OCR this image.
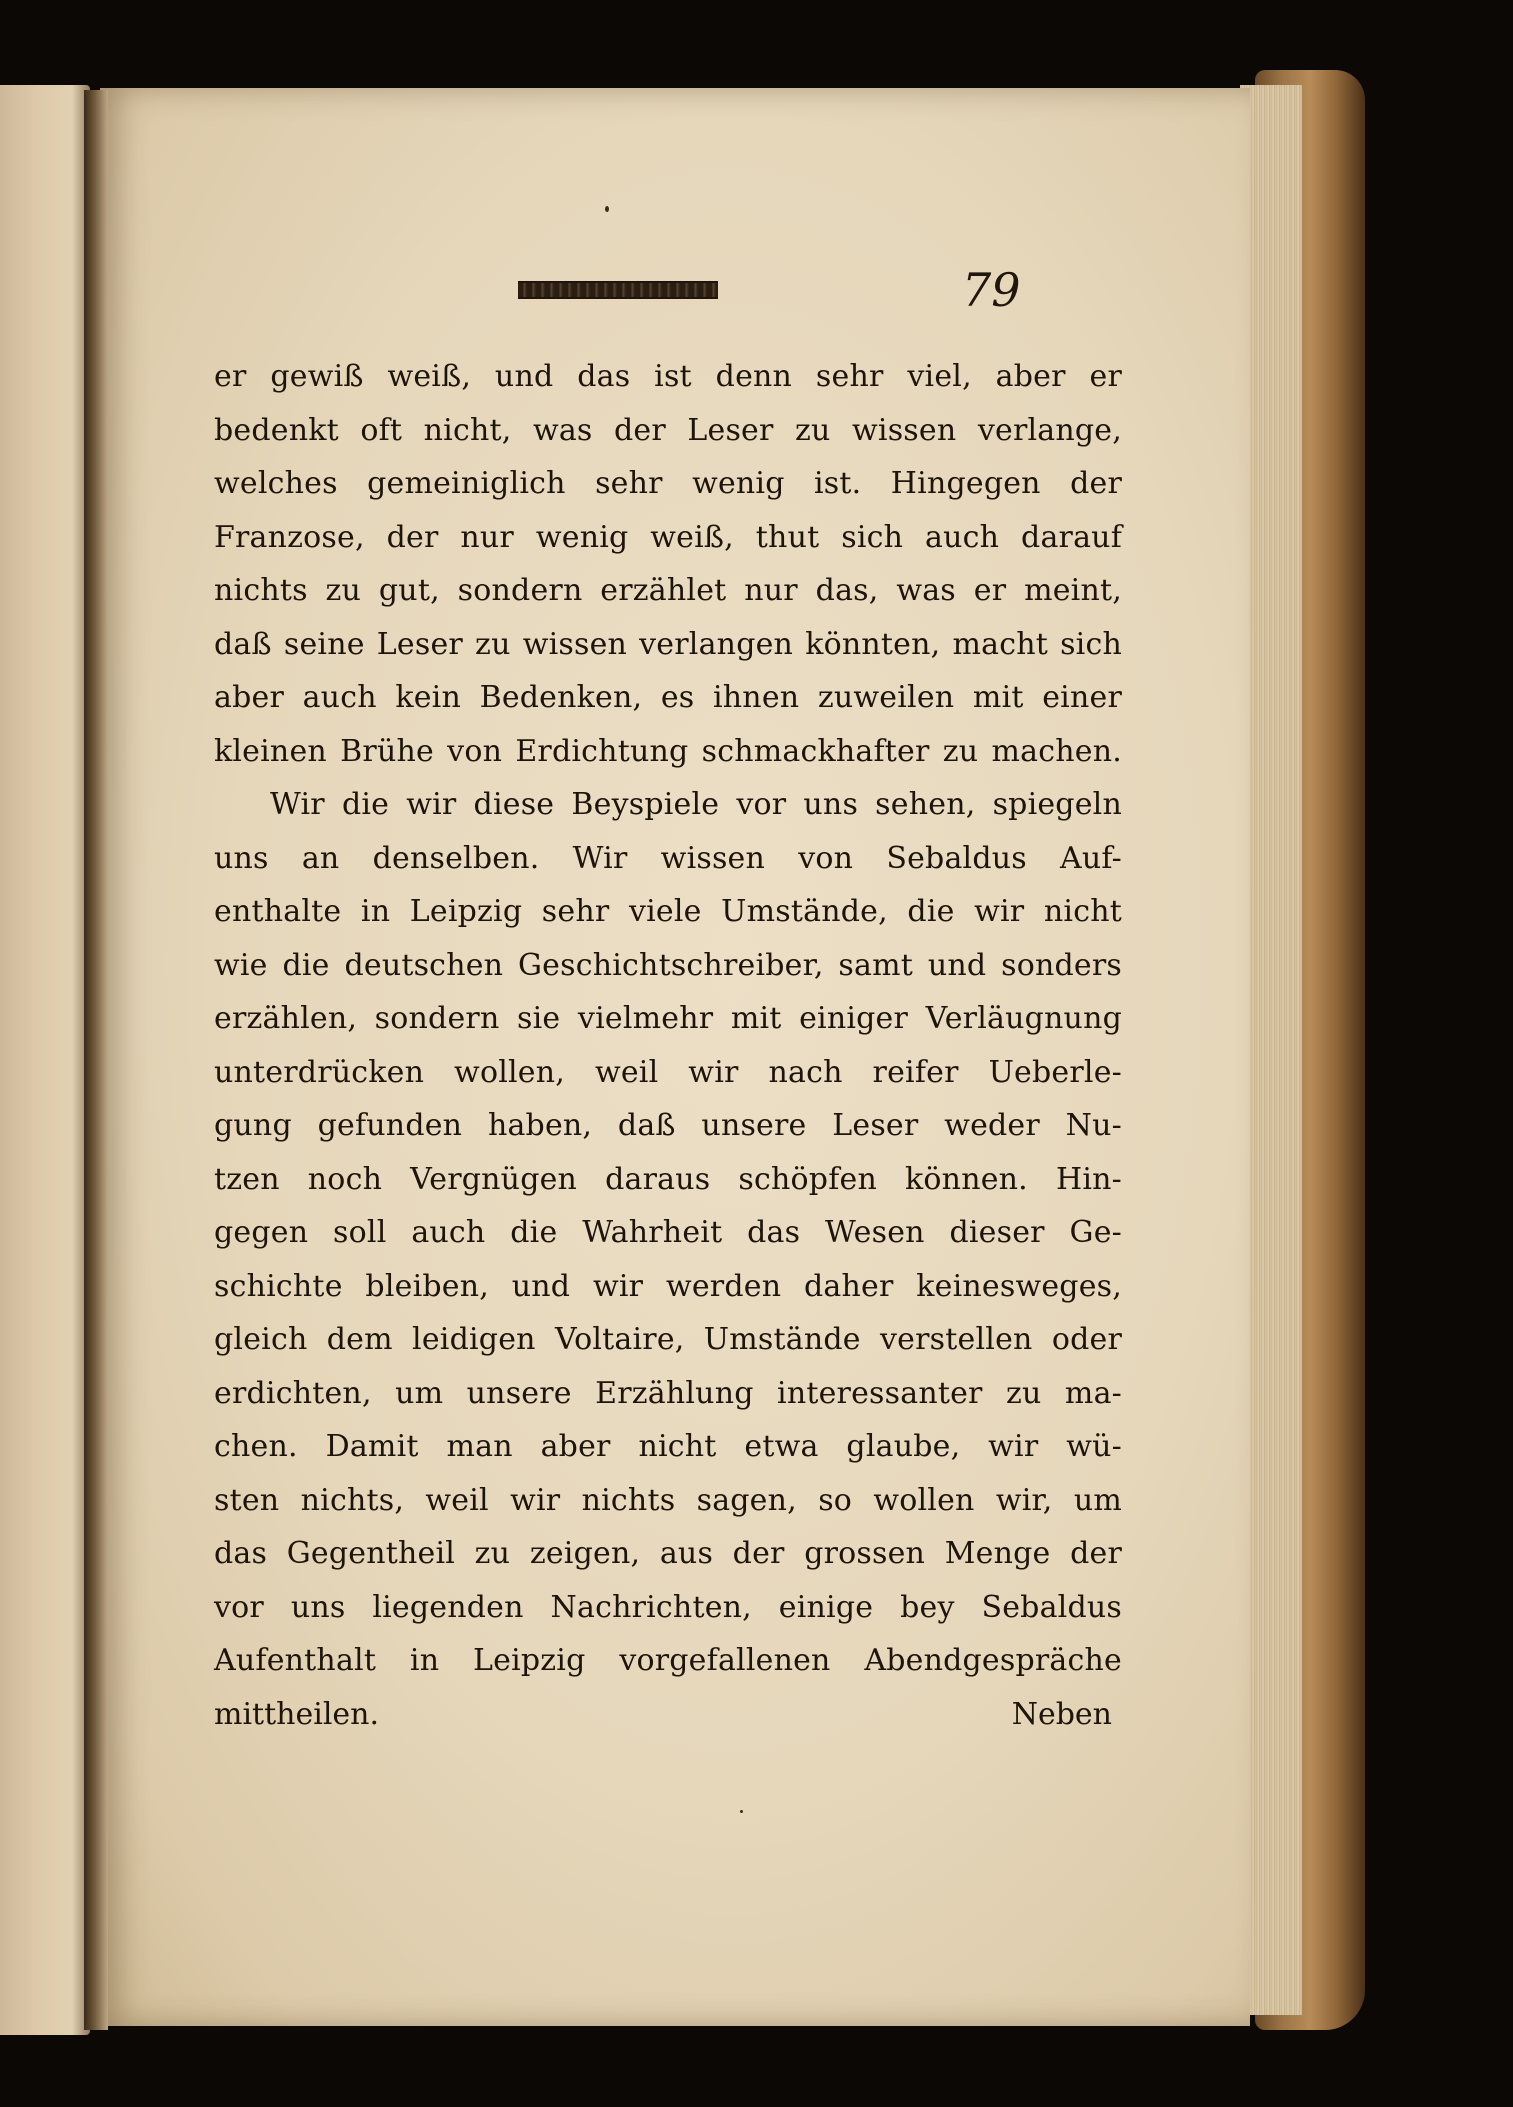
79
er gewiß weiß, und das ist denn sehr viel, aber er
bedenkt oft nicht, was der Leser zu wissen verlange,
welches gemeiniglich sehr wenig ist. Hingegen der
Franzose, der nur wenig weiß, thut sich auch darauf
nichts zu gut, sondern erzählet nur das, was er meint,
daß seine Leser zu wissen verlangen könnten, macht sich
aber auch kein Bedenken, es ihnen zuweilen mit einer
kleinen Brühe von Erdichtung schmackhafter zu machen.
Wir die wir diese Beyspiele vor uns sehen, spiegeln
uns an denselben. Wir wissen von Sebaldus Auf-
enthalte in Leipzig sehr viele Umstände, die wir nicht
wie die deutschen Geschichtschreiber, samt und sonders
erzählen, sondern sie vielmehr mit einiger Verläugnung
unterdrücken wollen, weil wir nach reifer Ueberle-
gung gefunden haben, daß unsere Leser weder Nu-
tzen noch Vergnügen daraus schöpfen können. Hin-
gegen soll auch die Wahrheit das Wesen dieser Ge-
schichte bleiben, und wir werden daher keinesweges,
gleich dem leidigen Voltaire, Umstände verstellen oder
erdichten, um unsere Erzählung interessanter zu ma-
chen. Damit man aber nicht etwa glaube, wir wü-
sten nichts, weil wir nichts sagen, so wollen wir, um
das Gegentheil zu zeigen, aus der grossen Menge der
vor uns liegenden Nachrichten, einige bey Sebaldus
Aufenthalt in Leipzig vorgefallenen Abendgespräche
mittheilen.	Neben
